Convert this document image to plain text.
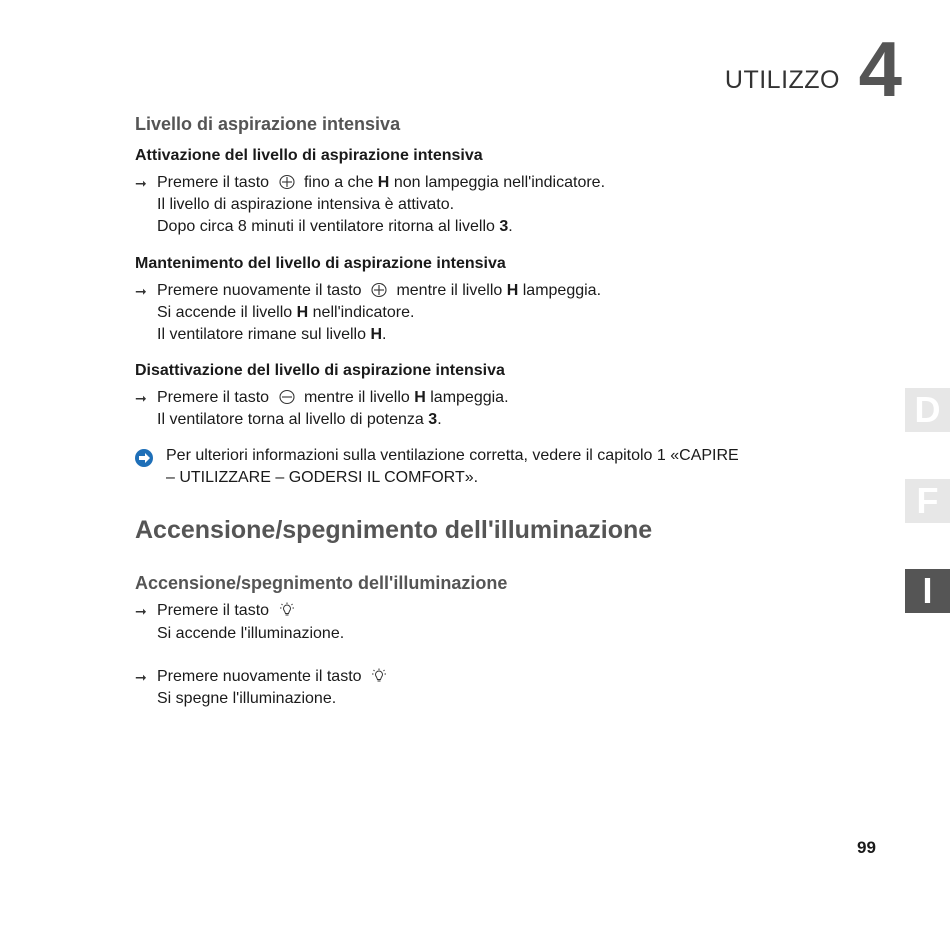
UTILIZZO 4
Livello di aspirazione intensiva
Attivazione del livello di aspirazione intensiva
➞ Premere il tasto fino a che H non lampeggia nell'indicatore.
Il livello di aspirazione intensiva è attivato.
Dopo circa 8 minuti il ventilatore ritorna al livello 3.
Mantenimento del livello di aspirazione intensiva
➞ Premere nuovamente il tasto mentre il livello H lampeggia.
Si accende il livello H nell'indicatore.
Il ventilatore rimane sul livello H.
Disattivazione del livello di aspirazione intensiva
➞ Premere il tasto mentre il livello H lampeggia.
Il ventilatore torna al livello di potenza 3.
Per ulteriori informazioni sulla ventilazione corretta, vedere il capitolo 1 «CAPIRE
– UTILIZZARE – GODERSI IL COMFORT».
Accensione/spegnimento dell'illuminazione
Accensione/spegnimento dell'illuminazione
➞ Premere il tasto
Si accende l'illuminazione.
➞ Premere nuovamente il tasto
Si spegne l'illuminazione.
D
F
I
99
